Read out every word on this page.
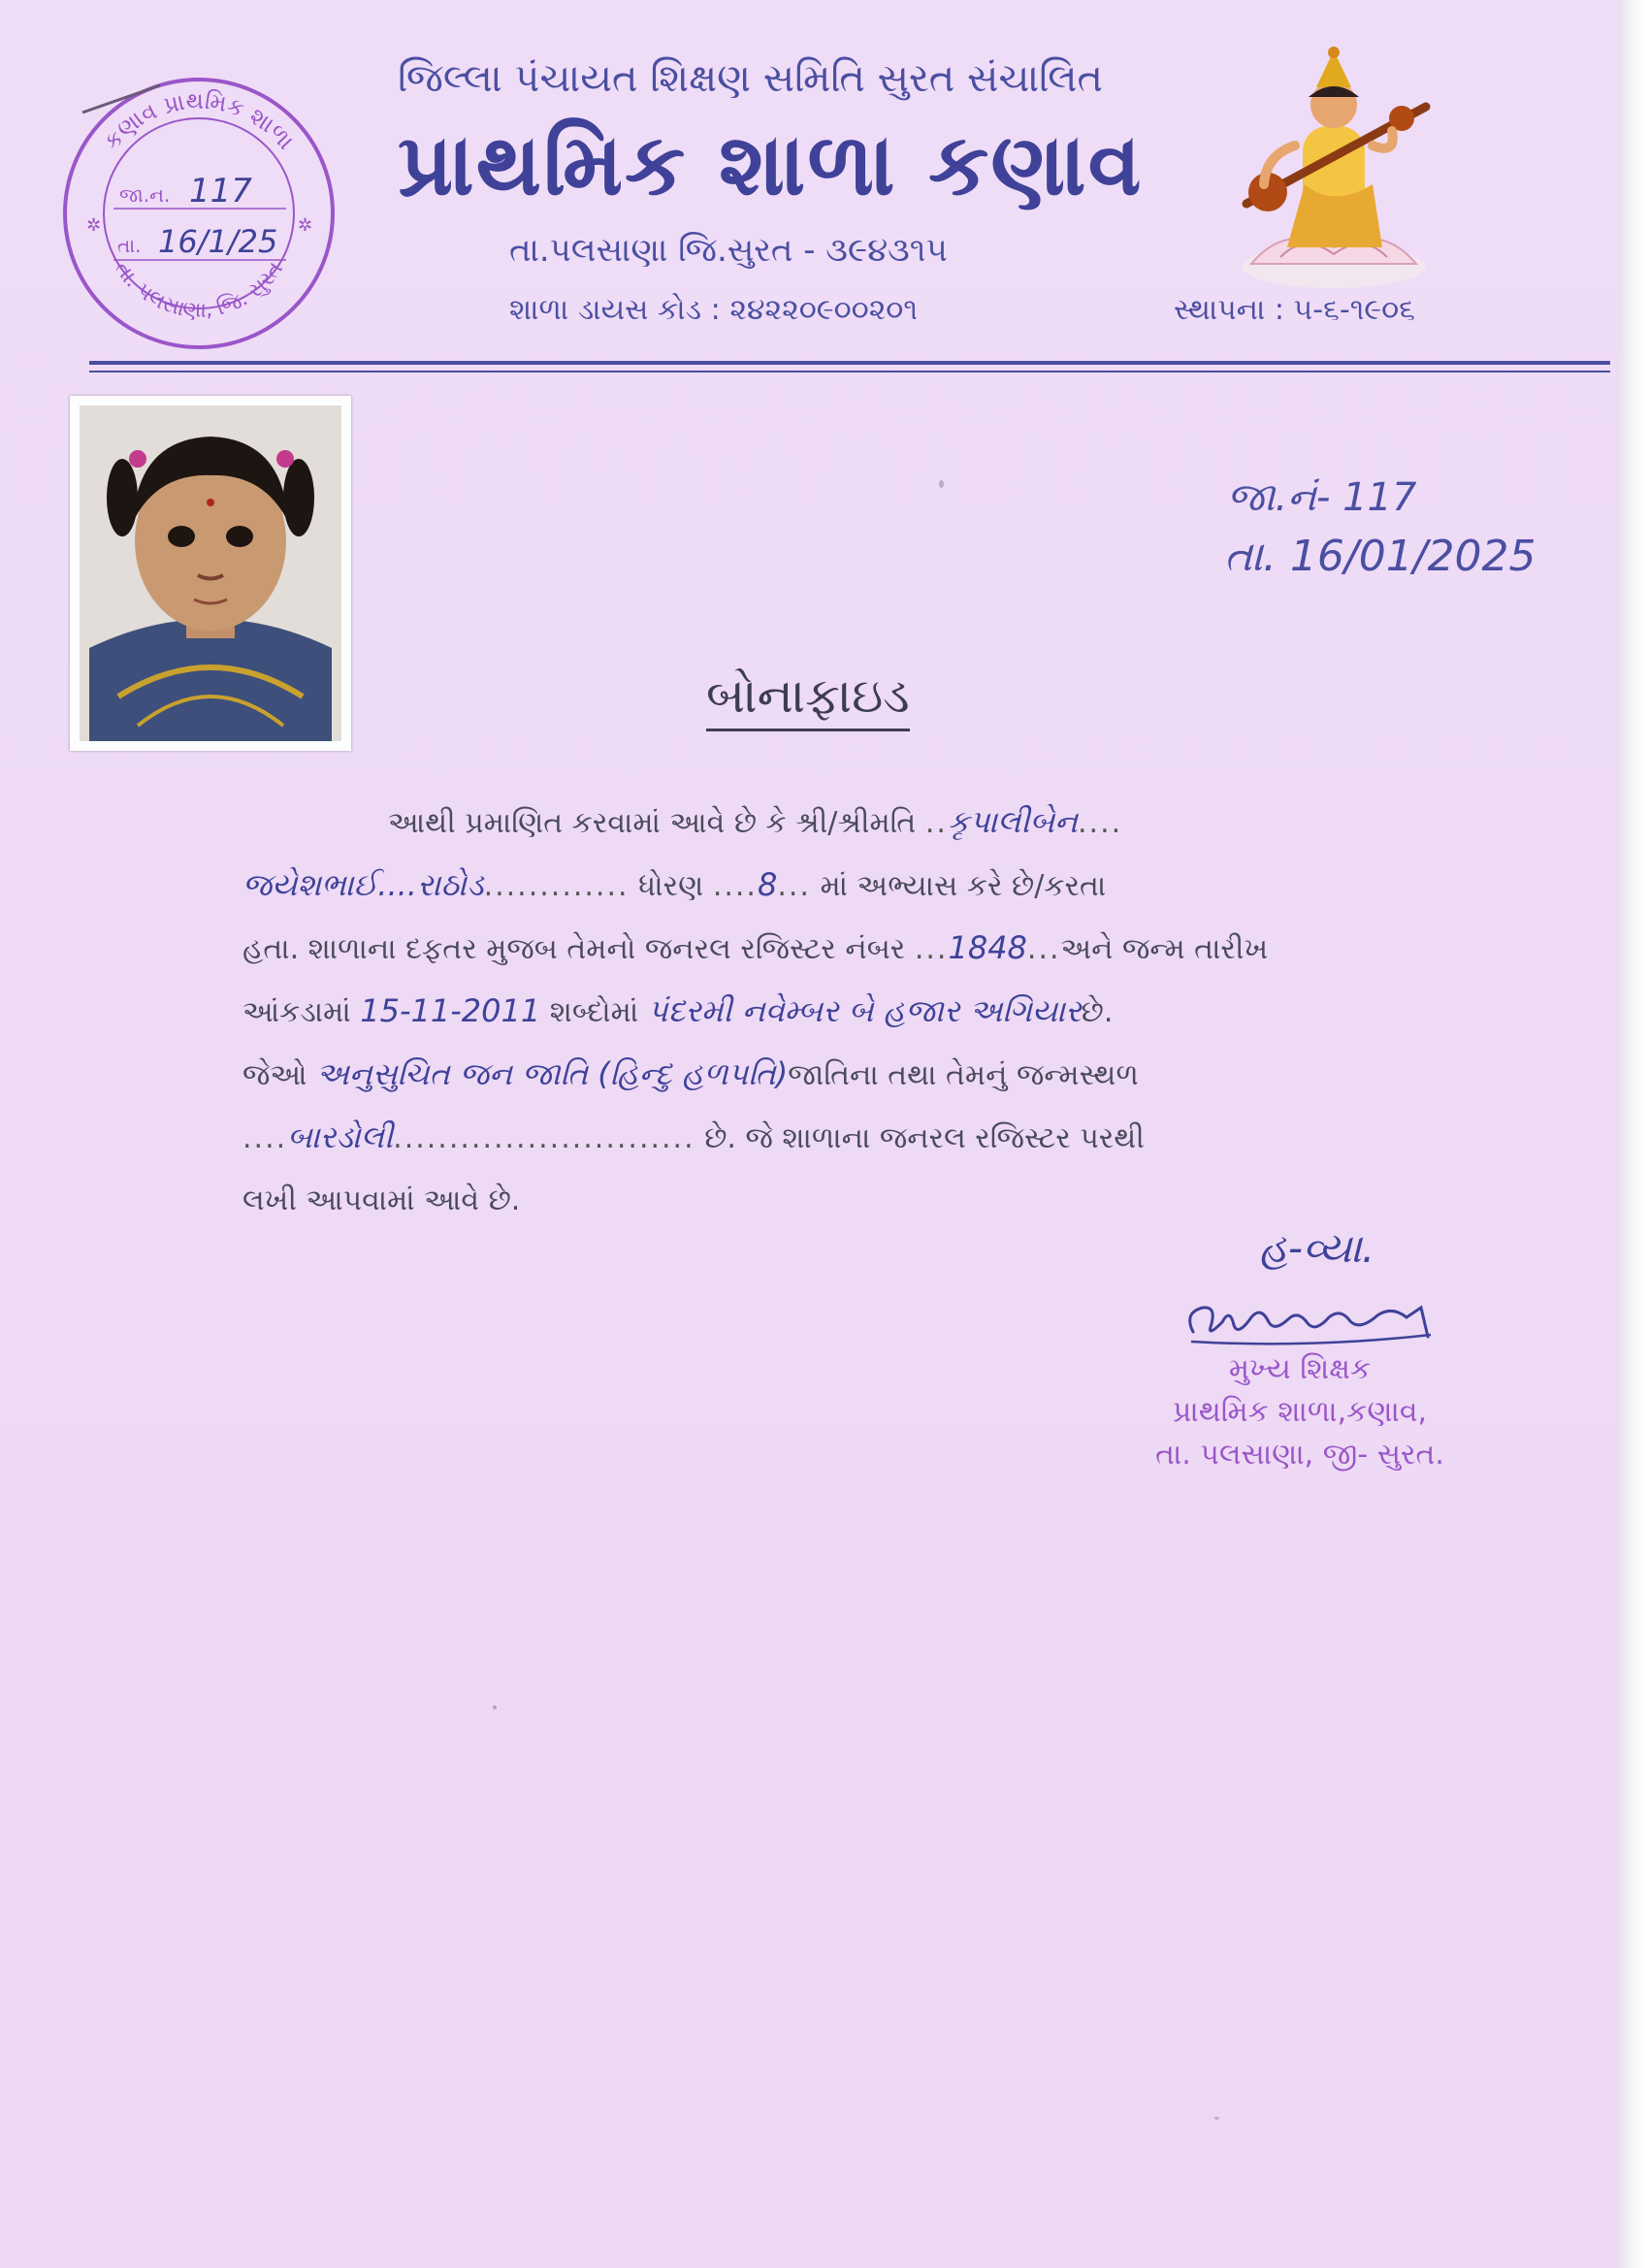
કણાવ પ્રાથમિક શાળા
તા. પલસાણા, જિ. સુરત
જા.ન. 117
તા. 16/1/25
✲	✲
જિલ્લા પંચાયત શિક્ષણ સમિતિ સુરત સંચાલિત
પ્રાથમિક શાળા કણાવ
તા.પલસાણા જિ.સુરત - ૩૯૪૩૧૫
શાળા ડાયસ કોડ : ૨૪૨૨૦૯૦૦૨૦૧	સ્થાપના : ૫-૬-૧૯૦૬
જા.નં- 117
તા. 16/01/2025
બોનાફાઇડ
આથી પ્રમાણિત કરવામાં આવે છે કે શ્રી/શ્રીમતિ ..કૃપાલીબેન....
જયેશભાઈ....રાઠોડ............. ધોરણ ....8... માં અભ્યાસ કરે છે/કરતા
હતા. શાળાના દફતર મુજબ તેમનો જનરલ રજિસ્ટર નંબર ...1848...અને જન્મ તારીખ
આંકડામાં 15-11-2011 શબ્દોમાં પંદરમી નવેમ્બર બે હજાર અગિયારછે.
જેઓ અનુસુચિત જન જાતિ (હિન્દુ હળપતિ)જાતિના તથા તેમનું જન્મસ્થળ
....બારડોલી........................... છે. જે શાળાના જનરલ રજિસ્ટર પરથી
લખી આપવામાં આવે છે.
હ-વ્યા.
મુખ્ય શિક્ષક
પ્રાથમિક શાળા,કણાવ,
તા. પલસાણા, જી- સુરત.
